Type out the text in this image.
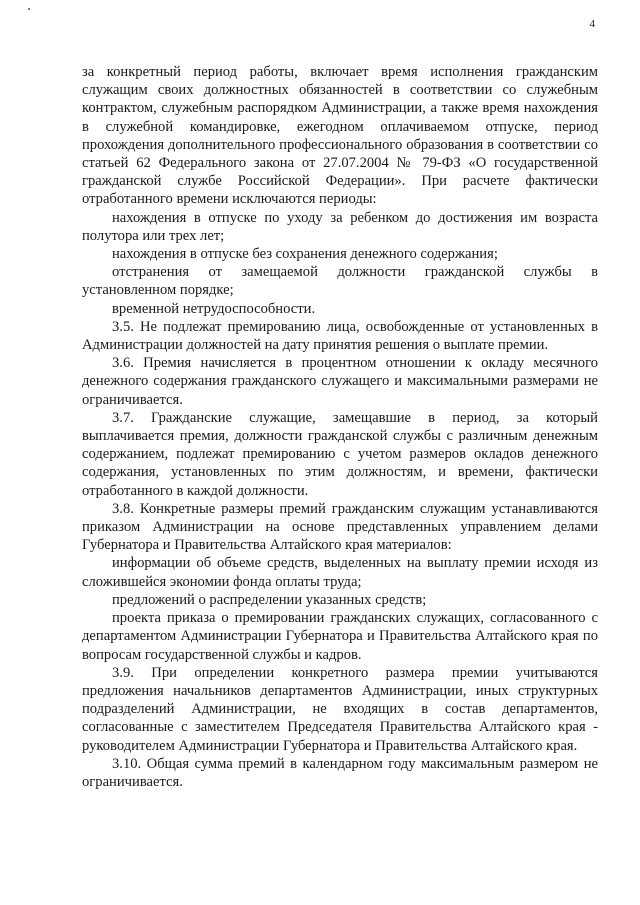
4

за конкретный период работы, включает время исполнения гражданским служащим своих должностных обязанностей в соответствии со служебным контрактом, служебным распорядком Администрации, а также время нахождения в служебной командировке, ежегодном оплачиваемом отпуске, период прохождения дополнительного профессионального образования в соответствии со статьей 62 Федерального закона от 27.07.2004 № 79-ФЗ «О государственной гражданской службе Российской Федерации». При расчете фактически отработанного времени исключаются периоды:

нахождения в отпуске по уходу за ребенком до достижения им возраста полутора или трех лет;

нахождения в отпуске без сохранения денежного содержания;

отстранения от замещаемой должности гражданской службы в установленном порядке;

временной нетрудоспособности.

3.5. Не подлежат премированию лица, освобожденные от установленных в Администрации должностей на дату принятия решения о выплате премии.

3.6. Премия начисляется в процентном отношении к окладу месячного денежного содержания гражданского служащего и максимальными размерами не ограничивается.

3.7. Гражданские служащие, замещавшие в период, за который выплачивается премия, должности гражданской службы с различным денежным содержанием, подлежат премированию с учетом размеров окладов денежного содержания, установленных по этим должностям, и времени, фактически отработанного в каждой должности.

3.8. Конкретные размеры премий гражданским служащим устанавливаются приказом Администрации на основе представленных управлением делами Губернатора и Правительства Алтайского края материалов:

информации об объеме средств, выделенных на выплату премии исходя из сложившейся экономии фонда оплаты труда;

предложений о распределении указанных средств;

проекта приказа о премировании гражданских служащих, согласованного с департаментом Администрации Губернатора и Правительства Алтайского края по вопросам государственной службы и кадров.

3.9. При определении конкретного размера премии учитываются предложения начальников департаментов Администрации, иных структурных подразделений Администрации, не входящих в состав департаментов, согласованные с заместителем Председателя Правительства Алтайского края - руководителем Администрации Губернатора и Правительства Алтайского края.

3.10. Общая сумма премий в календарном году максимальным размером не ограничивается.
